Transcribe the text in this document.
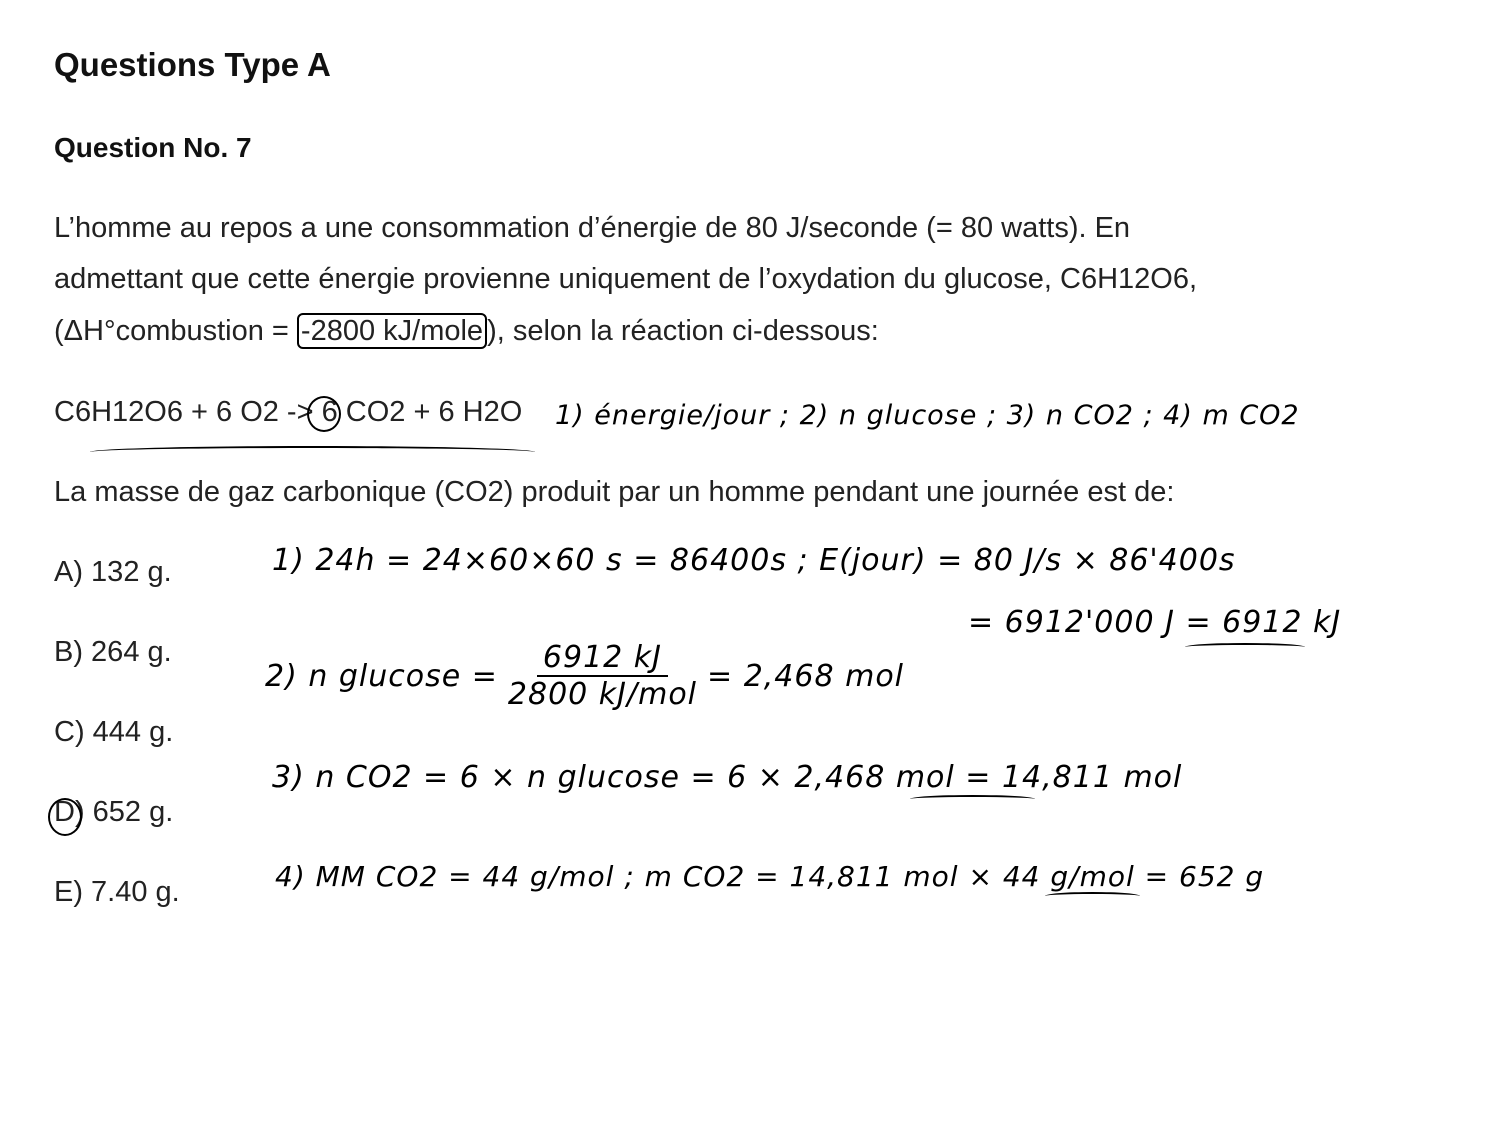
Questions Type A
Question No. 7
L’homme au repos a une consommation d’énergie de 80 J/seconde (= 80 watts). En
admettant que cette énergie provienne uniquement de l’oxydation du glucose, C6H12O6,
(ΔH°combustion = -2800 kJ/mole ), selon la réaction ci-dessous:
C6H12O6 + 6 O2 -> 6 CO2 + 6 H2O 1) énergie/jour ; 2) n glucose ; 3) n CO2 ; 4) m CO2
La masse de gaz carbonique (CO2) produit par un homme pendant une journée est de:
A) 132 g.
B) 264 g.
C) 444 g.
D) 652 g.
E) 7.40 g.
1) 24h = 24×60×60 s = 86400s ; E(jour) = 80 J/s × 86'400s
= 6912'000 J = 6912 kJ
2) n $glucose = \frac{6912 kJ}{\text{2800 kJ/mol}} = 2,468$ mol
3) n CO2 = 6 × n glucose = 6 × 2,468 mol = 14,811 mol
4) MM CO2 = 44 g/mol ; m CO2 = 14,811 mol × 44 g/mol = 652 g
